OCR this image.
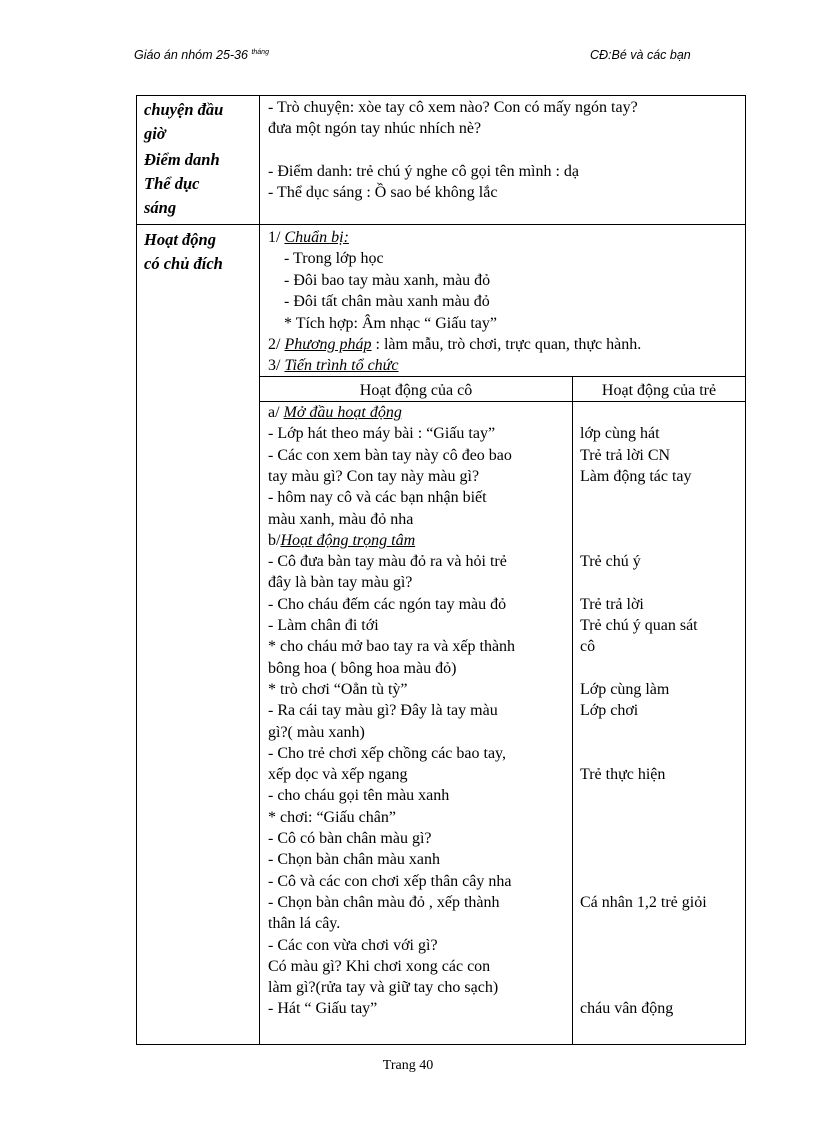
Giáo án nhóm 25-36 $^{tháng}$	CĐ:Bé và các bạn
chuyện đầu
giờ
Điểm danh
Thể dục
sáng
- Trò chuyện: xòe tay cô xem nào? Con có mấy ngón tay?
đưa một ngón tay nhúc nhích nè?
- Điểm danh: trẻ chú ý nghe cô gọi tên mình : dạ
- Thể dục sáng : Ồ sao bé không lắc
Hoạt động
có chủ đích
1/ Chuẩn bị:
- Trong lớp học
- Đôi bao tay màu xanh, màu đỏ
- Đôi tất chân màu xanh màu đỏ
* Tích hợp: Âm nhạc “ Giấu tay”
2/ Phương pháp : làm mẫu, trò chơi, trực quan, thực hành.
3/ Tiến trình tổ chức
Hoạt động của cô	Hoạt động của trẻ
a/ Mở đầu hoạt động
- Lớp hát theo máy bài : “Giấu tay”
- Các con xem bàn tay này cô đeo bao
tay màu gì? Con tay này màu gì?
- hôm nay cô và các bạn nhận biết
màu xanh, màu đỏ nha
b/Hoạt động trọng tâm
- Cô đưa bàn tay màu đỏ ra và hỏi trẻ
đây là bàn tay màu gì?
- Cho cháu đếm các ngón tay màu đỏ
- Làm chân đi tới
* cho cháu mở bao tay ra và xếp thành
bông hoa ( bông hoa màu đỏ)
* trò chơi “Oẳn tù tỳ”
- Ra cái tay màu gì? Đây là tay màu
gì?( màu xanh)
- Cho trẻ chơi xếp chồng các bao tay,
xếp dọc và xếp ngang
- cho cháu gọi tên màu xanh
* chơi: “Giấu chân”
- Cô có bàn chân màu gì?
- Chọn bàn chân màu xanh
- Cô và các con chơi xếp thân cây nha
- Chọn bàn chân màu đỏ , xếp thành
thân lá cây.
- Các con vừa chơi với gì?
Có màu gì? Khi chơi xong các con
làm gì?(rửa tay và giữ tay cho sạch)
- Hát “ Giấu tay”
lớp cùng hát
Trẻ trả lời CN
Làm động tác tay
Trẻ chú ý
Trẻ trả lời
Trẻ chú ý quan sát
cô
Lớp cùng làm
Lớp chơi
Trẻ thực hiện
Cá nhân 1,2 trẻ giỏi
cháu vân động
Trang 40
